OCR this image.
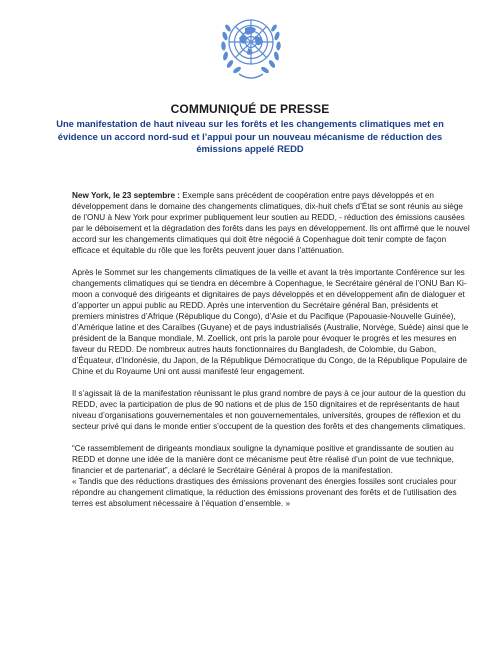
COMMUNIQUÉ DE PRESSE
Une manifestation de haut niveau sur les forêts et les changements climatiques met en évidence un accord nord-sud et l’appui pour un nouveau mécanisme de réduction des émissions appelé REDD

New York, le 23 septembre : Exemple sans précédent de coopération entre pays développés et en développement dans le domaine des changements climatiques, dix-huit chefs d’État se sont réunis au siège de l’ONU à New York pour exprimer publiquement leur soutien au REDD, - réduction des émissions causées par le déboisement et la dégradation des forêts dans les pays en développement. Ils ont affirmé que le nouvel accord sur les changements climatiques qui doit être négocié à Copenhague doit tenir compte de façon efficace et équitable du rôle que les forêts peuvent jouer dans l’atténuation.

Après le Sommet sur les changements climatiques de la veille et avant la très importante Conférence sur les changements climatiques qui se tiendra en décembre à Copenhague, le Secrétaire général de l’ONU Ban Ki-moon a convoqué des dirigeants et dignitaires de pays développés et en développement afin de dialoguer et d’apporter un appui public au REDD. Après une intervention du Secrétaire général Ban, présidents et premiers ministres d’Afrique (République du Congo), d’Asie et du Pacifique (Papouasie-Nouvelle Guinée), d’Amérique latine et des Caraïbes (Guyane) et de pays industrialisés (Australie, Norvège, Suède) ainsi que le président de la Banque mondiale, M. Zoellick, ont pris la parole pour évoquer le progrès et les mesures en faveur du REDD. De nombreux autres hauts fonctionnaires du Bangladesh, de Colombie, du Gabon, d’Équateur, d’Indonésie, du Japon, de la République Démocratique du Congo, de la République Populaire de Chine et du Royaume Uni ont aussi manifesté leur engagement.

Il s’agissait là de la manifestation réunissant le plus grand nombre de pays à ce jour autour de la question du REDD, avec la participation de plus de 90 nations et de plus de 150 dignitaires et de représentants de haut niveau d’organisations gouvernementales et non gouvernementales, universités, groupes de réflexion et du secteur privé qui dans le monde entier s’occupent de la question des forêts et des changements climatiques.

“Ce rassemblement de dirigeants mondiaux souligne la dynamique positive et grandissante de soutien au REDD et donne une idée de la manière dont ce mécanisme peut être réalisé d’un point de vue technique, financier et de partenariat”, a déclaré le Secrétaire Général à propos de la manifestation.

« Tandis que des réductions drastiques des émissions provenant des énergies fossiles sont cruciales pour répondre au changement climatique, la réduction des émissions provenant des forêts et de l’utilisation des terres est absolument nécessaire à l’équation d’ensemble. »
